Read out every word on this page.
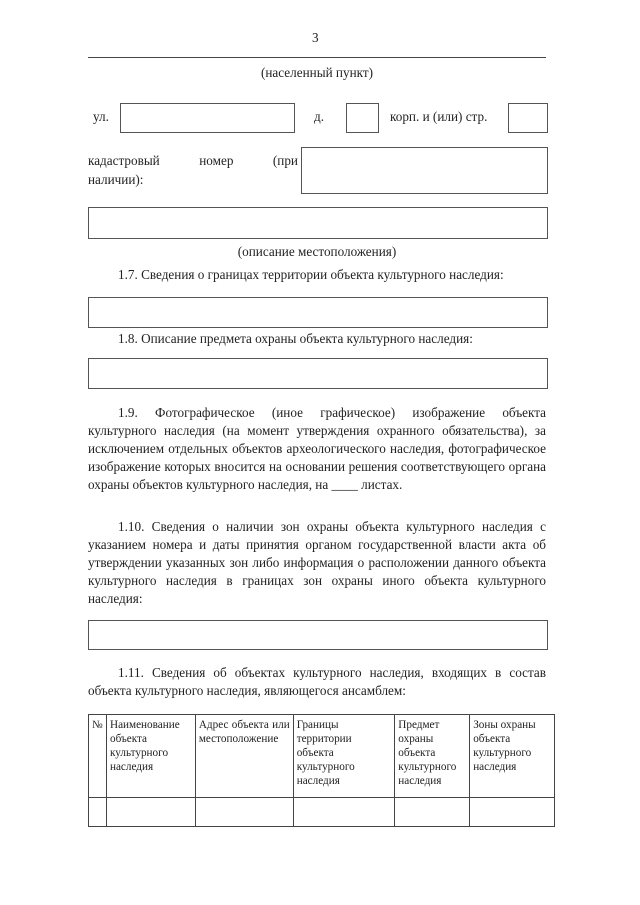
3
(населенный пункт)
ул.	д.	корп. и (или) стр.
кадастровый номер (при
наличии):
(описание местоположения)
1.7. Сведения о границах территории объекта культурного наследия:
1.8. Описание предмета охраны объекта культурного наследия:
1.9. Фотографическое (иное графическое) изображение объекта культурного наследия (на момент утверждения охранного обязательства), за исключением отдельных объектов археологического наследия, фотографическое изображение которых вносится на основании решения соответствующего органа охраны объектов культурного наследия, на ____ листах.
1.10. Сведения о наличии зон охраны объекта культурного наследия с указанием номера и даты принятия органом государственной власти акта об утверждении указанных зон либо информация о расположении данного объекта культурного наследия в границах зон охраны иного объекта культурного наследия:
1.11. Сведения об объектах культурного наследия, входящих в состав объекта культурного наследия, являющегося ансамблем:
№	Наименование объекта культурного наследия	Адрес объекта или местоположение	Границы территории объекта культурного наследия	Предмет охраны объекта культурного наследия	Зоны охраны объекта культурного наследия
